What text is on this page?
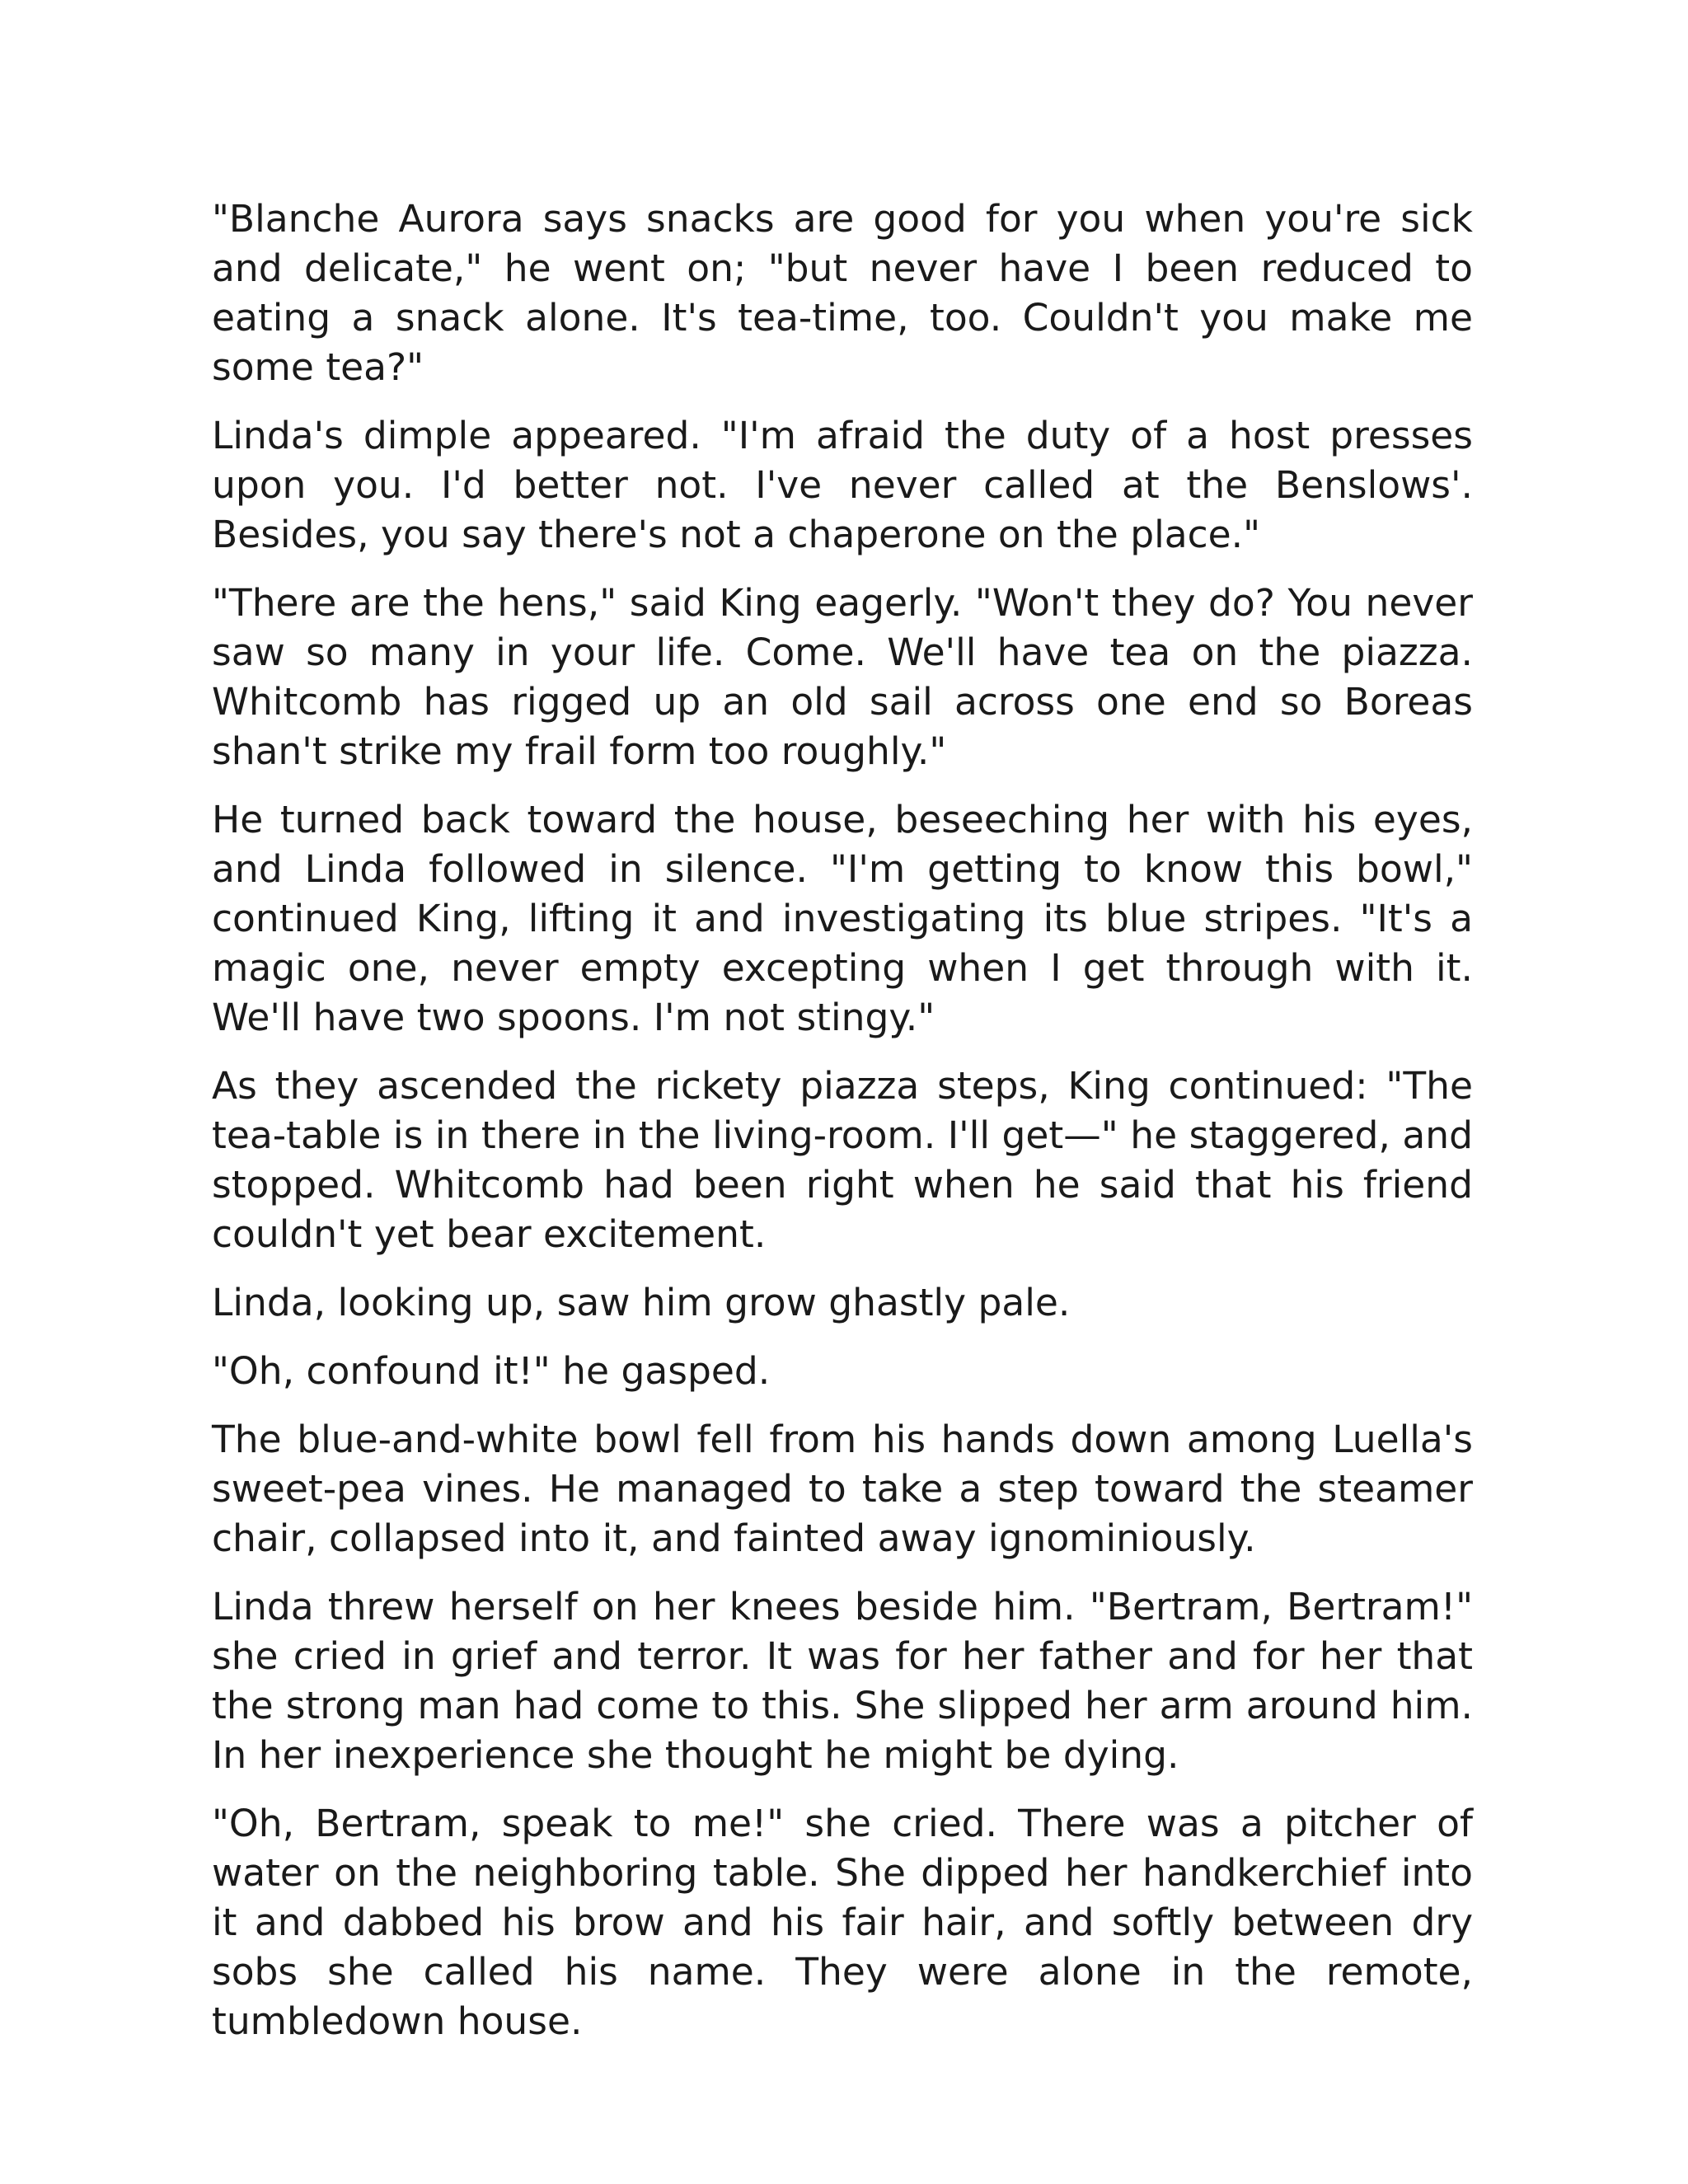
"Blanche Aurora says snacks are good for you when you're sick and delicate," he went on; "but never have I been reduced to eating a snack alone. It's tea-time, too. Couldn't you make me some tea?"

Linda's dimple appeared. "I'm afraid the duty of a host presses upon you. I'd better not. I've never called at the Benslows'. Besides, you say there's not a chaperone on the place."

"There are the hens," said King eagerly. "Won't they do? You never saw so many in your life. Come. We'll have tea on the piazza. Whitcomb has rigged up an old sail across one end so Boreas shan't strike my frail form too roughly."

He turned back toward the house, beseeching her with his eyes, and Linda followed in silence. "I'm getting to know this bowl," continued King, lifting it and investigating its blue stripes. "It's a magic one, never empty excepting when I get through with it. We'll have two spoons. I'm not stingy."

As they ascended the rickety piazza steps, King continued: "The tea-table is in there in the living-room. I'll get—" he staggered, and stopped. Whitcomb had been right when he said that his friend couldn't yet bear excitement.

Linda, looking up, saw him grow ghastly pale.

"Oh, confound it!" he gasped.

The blue-and-white bowl fell from his hands down among Luella's sweet-pea vines. He managed to take a step toward the steamer chair, collapsed into it, and fainted away ignominiously.

Linda threw herself on her knees beside him. "Bertram, Bertram!" she cried in grief and terror. It was for her father and for her that the strong man had come to this. She slipped her arm around him. In her inexperience she thought he might be dying.

"Oh, Bertram, speak to me!" she cried. There was a pitcher of water on the neighboring table. She dipped her handkerchief into it and dabbed his brow and his fair hair, and softly between dry sobs she called his name. They were alone in the remote, tumbledown house.
